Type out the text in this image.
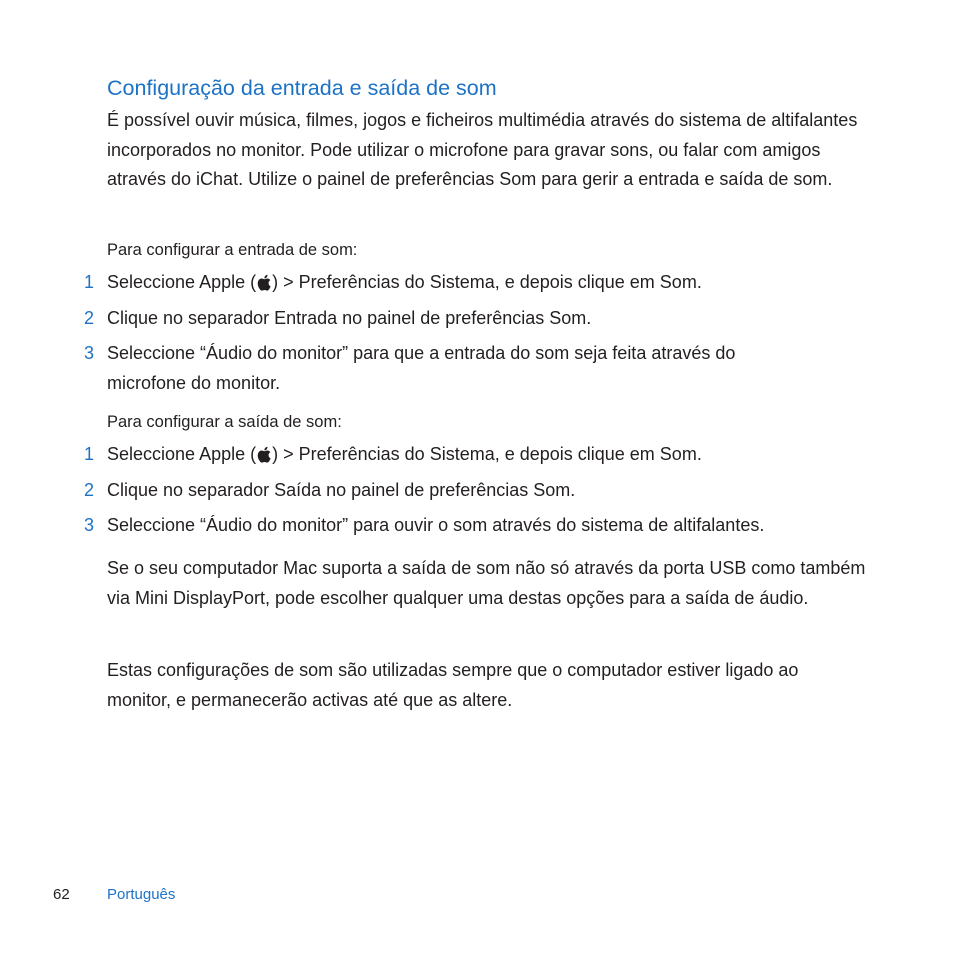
Configuração da entrada e saída de som

É possível ouvir música, filmes, jogos e ficheiros multimédia através do sistema de altifalantes incorporados no monitor. Pode utilizar o microfone para gravar sons, ou falar com amigos através do iChat. Utilize o painel de preferências Som para gerir a entrada e saída de som.

Para configurar a entrada de som:
1 Seleccione Apple ( ) > Preferências do Sistema, e depois clique em Som.
2 Clique no separador Entrada no painel de preferências Som.
3 Seleccione “Áudio do monitor” para que a entrada do som seja feita através do microfone do monitor.
Para configurar a saída de som:
1 Seleccione Apple ( ) > Preferências do Sistema, e depois clique em Som.
2 Clique no separador Saída no painel de preferências Som.
3 Seleccione “Áudio do monitor” para ouvir o som através do sistema de altifalantes.

Se o seu computador Mac suporta a saída de som não só através da porta USB como também via Mini DisplayPort, pode escolher qualquer uma destas opções para a saída de áudio.

Estas configurações de som são utilizadas sempre que o computador estiver ligado ao monitor, e permanecerão activas até que as altere.

62 Português
